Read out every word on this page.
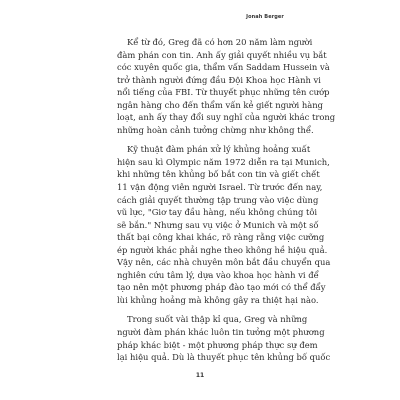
Jonah Berger

Kể từ đó, Greg đã có hơn 20 năm làm người
đàm phán con tin. Anh ấy giải quyết nhiều vụ bắt
cóc xuyên quốc gia, thẩm vấn Saddam Hussein và
trở thành người đứng đầu Đội Khoa học Hành vi
nổi tiếng của FBI. Từ thuyết phục những tên cướp
ngân hàng cho đến thẩm vấn kẻ giết người hàng
loạt, anh ấy thay đổi suy nghĩ của người khác trong
những hoàn cảnh tưởng chừng như không thể.

Kỹ thuật đàm phán xử lý khủng hoảng xuất
hiện sau kì Olympic năm 1972 diễn ra tại Munich,
khi những tên khủng bố bắt con tin và giết chết
11 vận động viên người Israel. Từ trước đến nay,
cách giải quyết thường tập trung vào việc dùng
vũ lực, "Giơ tay đầu hàng, nếu không chúng tôi
sẽ bắn." Nhưng sau vụ việc ở Munich và một số
thất bại công khai khác, rõ ràng rằng việc cưỡng
ép người khác phải nghe theo không hề hiệu quả.
Vậy nên, các nhà chuyên môn bắt đầu chuyển qua
nghiên cứu tâm lý, dựa vào khoa học hành vi để
tạo nên một phương pháp đào tạo mới có thể đẩy
lùi khủng hoảng mà không gây ra thiệt hại nào.

Trong suốt vài thập kỉ qua, Greg và những
người đàm phán khác luôn tin tưởng một phương
pháp khác biệt - một phương pháp thực sự đem
lại hiệu quả. Dù là thuyết phục tên khủng bố quốc

11
